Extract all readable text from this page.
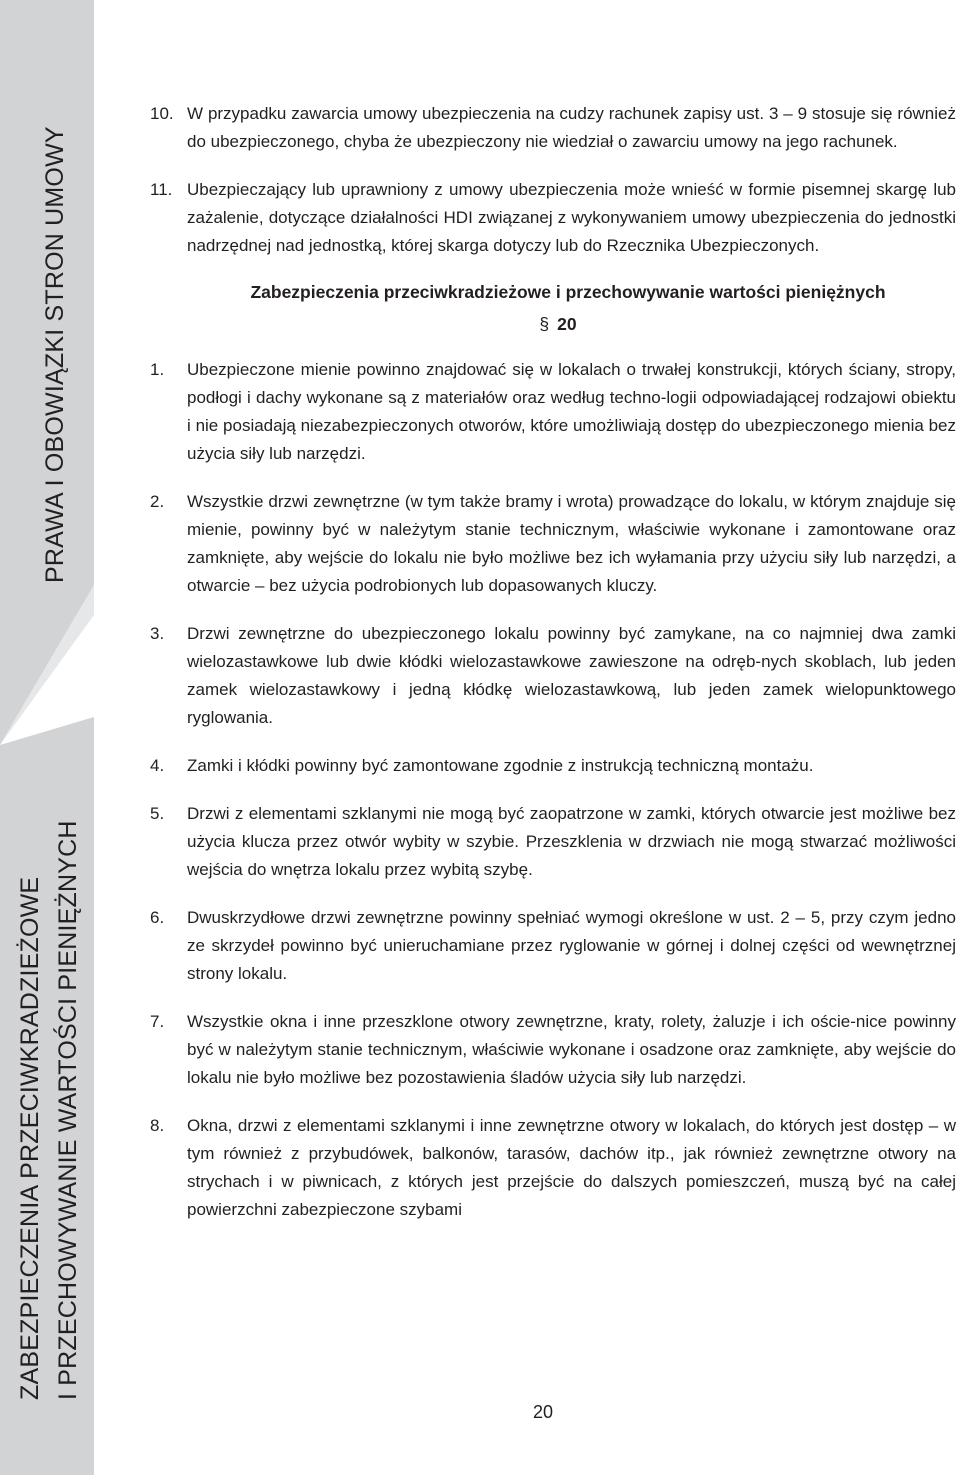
PRAWA I OBOWIĄZKI STRON UMOWY
ZABEZPIECZENIA PRZECIWKRADZIEŻOWE I PRZECHOWYWANIE WARTOŚCI PIENIĘŻNYCH
10. W przypadku zawarcia umowy ubezpieczenia na cudzy rachunek zapisy ust. 3 – 9 stosuje się również do ubezpieczonego, chyba że ubezpieczony nie wiedział o zawarciu umowy na jego rachunek.
11. Ubezpieczający lub uprawniony z umowy ubezpieczenia może wnieść w formie pisemnej skargę lub zażalenie, dotyczące działalności HDI związanej z wykonywaniem umowy ubezpieczenia do jednostki nadrzędnej nad jednostką, której skarga dotyczy lub do Rzecznika Ubezpieczonych.
Zabezpieczenia przeciwkradzieżowe i przechowywanie wartości pieniężnych
§ 20
1. Ubezpieczone mienie powinno znajdować się w lokalach o trwałej konstrukcji, których ściany, stropy, podłogi i dachy wykonane są z materiałów oraz według techno-logii odpowiadającej rodzajowi obiektu i nie posiadają niezabezpieczonych otworów, które umożliwiają dostęp do ubezpieczonego mienia bez użycia siły lub narzędzi.
2. Wszystkie drzwi zewnętrzne (w tym także bramy i wrota) prowadzące do lokalu, w którym znajduje się mienie, powinny być w należytym stanie technicznym, właściwie wykonane i zamontowane oraz zamknięte, aby wejście do lokalu nie było możliwe bez ich wyłamania przy użyciu siły lub narzędzi, a otwarcie – bez użycia podrobionych lub dopasowanych kluczy.
3. Drzwi zewnętrzne do ubezpieczonego lokalu powinny być zamykane, na co najmniej dwa zamki wielozastawkowe lub dwie kłódki wielozastawkowe zawieszone na odręb-nych skoblach, lub jeden zamek wielozastawkowy i jedną kłódkę wielozastawkową, lub jeden zamek wielopunktowego ryglowania.
4. Zamki i kłódki powinny być zamontowane zgodnie z instrukcją techniczną montażu.
5. Drzwi z elementami szklanymi nie mogą być zaopatrzone w zamki, których otwarcie jest możliwe bez użycia klucza przez otwór wybity w szybie. Przeszklenia w drzwiach nie mogą stwarzać możliwości wejścia do wnętrza lokalu przez wybitą szybę.
6. Dwuskrzydłowe drzwi zewnętrzne powinny spełniać wymogi określone w ust. 2 – 5, przy czym jedno ze skrzydeł powinno być unieruchamiane przez ryglowanie w górnej i dolnej części od wewnętrznej strony lokalu.
7. Wszystkie okna i inne przeszklone otwory zewnętrzne, kraty, rolety, żaluzje i ich oście-nice powinny być w należytym stanie technicznym, właściwie wykonane i osadzone oraz zamknięte, aby wejście do lokalu nie było możliwe bez pozostawienia śladów użycia siły lub narzędzi.
8. Okna, drzwi z elementami szklanymi i inne zewnętrzne otwory w lokalach, do których jest dostęp – w tym również z przybudówek, balkonów, tarasów, dachów itp., jak również zewnętrzne otwory na strychach i w piwnicach, z których jest przejście do dalszych pomieszczeń, muszą być na całej powierzchni zabezpieczone szybami
20
